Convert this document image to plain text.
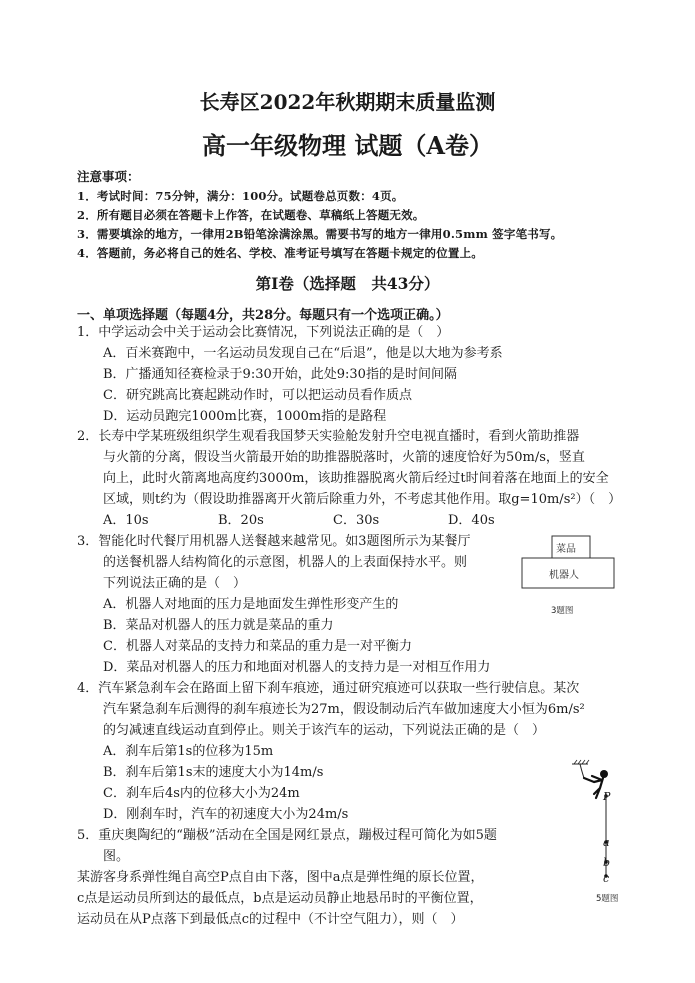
长寿区2022年秋期期末质量监测
高一年级物理 试题（A卷）
注意事项：
1．考试时间：75分钟，满分：100分。试题卷总页数：4页。
2．所有题目必须在答题卡上作答，在试题卷、草稿纸上答题无效。
3．需要填涂的地方，一律用2B铅笔涂满涂黑。需要书写的地方一律用0.5mm 签字笔书写。
4．答题前，务必将自己的姓名、学校、准考证号填写在答题卡规定的位置上。
第Ⅰ卷（选择题　共43分）
一、单项选择题（每题4分，共28分。每题只有一个选项正确。）
1．中学运动会中关于运动会比赛情况，下列说法正确的是（　）
A．百米赛跑中，一名运动员发现自己在“后退”，他是以大地为参考系
B．广播通知径赛检录于9:30开始，此处9:30指的是时间间隔
C．研究跳高比赛起跳动作时，可以把运动员看作质点
D．运动员跑完1000m比赛，1000m指的是路程
2．长寿中学某班级组织学生观看我国梦天实验舱发射升空电视直播时，看到火箭助推器
与火箭的分离，假设当火箭最开始的助推器脱落时，火箭的速度恰好为50m/s，竖直
向上，此时火箭离地高度约3000m，该助推器脱离火箭后经过t时间着落在地面上的安全
区域，则t约为（假设助推器离开火箭后除重力外，不考虑其他作用。取g=10m/s²）（　）
A．10s	B．20s	C．30s	D．40s
3．智能化时代餐厅用机器人送餐越来越常见。如3题图所示为某餐厅
的送餐机器人结构简化的示意图，机器人的上表面保持水平。则
下列说法正确的是（　）
A．机器人对地面的压力是地面发生弹性形变产生的
B．菜品对机器人的压力就是菜品的重力
C．机器人对菜品的支持力和菜品的重力是一对平衡力
D．菜品对机器人的压力和地面对机器人的支持力是一对相互作用力
菜品
机器人
3题图
4．汽车紧急刹车会在路面上留下刹车痕迹，通过研究痕迹可以获取一些行驶信息。某次
汽车紧急刹车后测得的刹车痕迹长为27m，假设制动后汽车做加速度大小恒为6m/s²
的匀减速直线运动直到停止。则关于该汽车的运动，下列说法正确的是（　）
A．刹车后第1s的位移为15m
B．刹车后第1s末的速度大小为14m/s
C．刹车后4s内的位移大小为24m
D．刚刹车时，汽车的初速度大小为24m/s
5．重庆奥陶纪的“蹦极”活动在全国是网红景点，蹦极过程可简化为如5题
图。
某游客身系弹性绳自高空P点自由下落，图中a点是弹性绳的原长位置，
c点是运动员所到达的最低点，b点是运动员静止地悬吊时的平衡位置，
运动员在从P点落下到最低点c的过程中（不计空气阻力），则（　）
P
a
b
c
5题图
